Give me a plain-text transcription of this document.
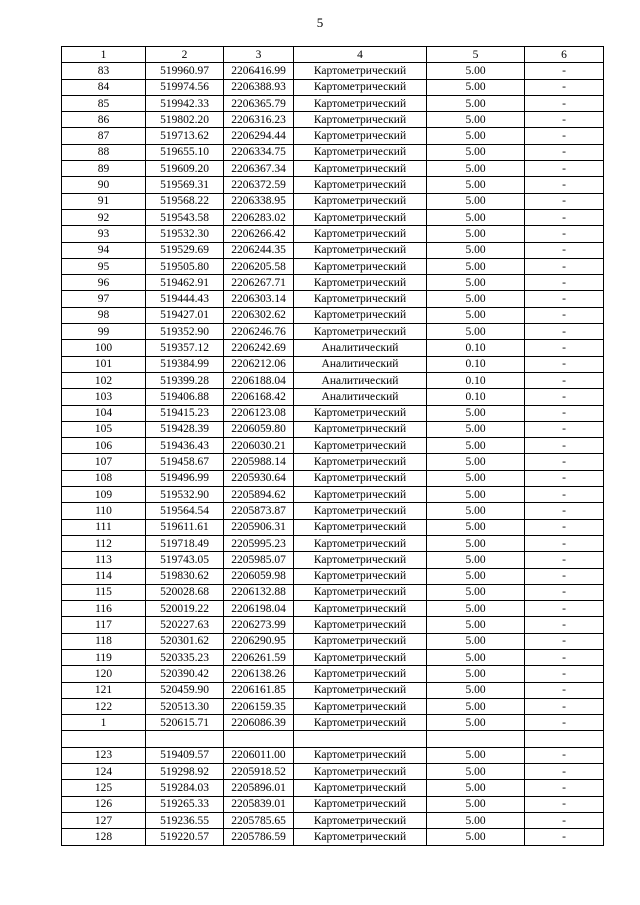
5
1	2	3	4	5	6
83	519960.97	2206416.99	Картометрический	5.00	-
84	519974.56	2206388.93	Картометрический	5.00	-
85	519942.33	2206365.79	Картометрический	5.00	-
86	519802.20	2206316.23	Картометрический	5.00	-
87	519713.62	2206294.44	Картометрический	5.00	-
88	519655.10	2206334.75	Картометрический	5.00	-
89	519609.20	2206367.34	Картометрический	5.00	-
90	519569.31	2206372.59	Картометрический	5.00	-
91	519568.22	2206338.95	Картометрический	5.00	-
92	519543.58	2206283.02	Картометрический	5.00	-
93	519532.30	2206266.42	Картометрический	5.00	-
94	519529.69	2206244.35	Картометрический	5.00	-
95	519505.80	2206205.58	Картометрический	5.00	-
96	519462.91	2206267.71	Картометрический	5.00	-
97	519444.43	2206303.14	Картометрический	5.00	-
98	519427.01	2206302.62	Картометрический	5.00	-
99	519352.90	2206246.76	Картометрический	5.00	-
100	519357.12	2206242.69	Аналитический	0.10	-
101	519384.99	2206212.06	Аналитический	0.10	-
102	519399.28	2206188.04	Аналитический	0.10	-
103	519406.88	2206168.42	Аналитический	0.10	-
104	519415.23	2206123.08	Картометрический	5.00	-
105	519428.39	2206059.80	Картометрический	5.00	-
106	519436.43	2206030.21	Картометрический	5.00	-
107	519458.67	2205988.14	Картометрический	5.00	-
108	519496.99	2205930.64	Картометрический	5.00	-
109	519532.90	2205894.62	Картометрический	5.00	-
110	519564.54	2205873.87	Картометрический	5.00	-
111	519611.61	2205906.31	Картометрический	5.00	-
112	519718.49	2205995.23	Картометрический	5.00	-
113	519743.05	2205985.07	Картометрический	5.00	-
114	519830.62	2206059.98	Картометрический	5.00	-
115	520028.68	2206132.88	Картометрический	5.00	-
116	520019.22	2206198.04	Картометрический	5.00	-
117	520227.63	2206273.99	Картометрический	5.00	-
118	520301.62	2206290.95	Картометрический	5.00	-
119	520335.23	2206261.59	Картометрический	5.00	-
120	520390.42	2206138.26	Картометрический	5.00	-
121	520459.90	2206161.85	Картометрический	5.00	-
122	520513.30	2206159.35	Картометрический	5.00	-
1	520615.71	2206086.39	Картометрический	5.00	-

123	519409.57	2206011.00	Картометрический	5.00	-
124	519298.92	2205918.52	Картометрический	5.00	-
125	519284.03	2205896.01	Картометрический	5.00	-
126	519265.33	2205839.01	Картометрический	5.00	-
127	519236.55	2205785.65	Картометрический	5.00	-
128	519220.57	2205786.59	Картометрический	5.00	-
